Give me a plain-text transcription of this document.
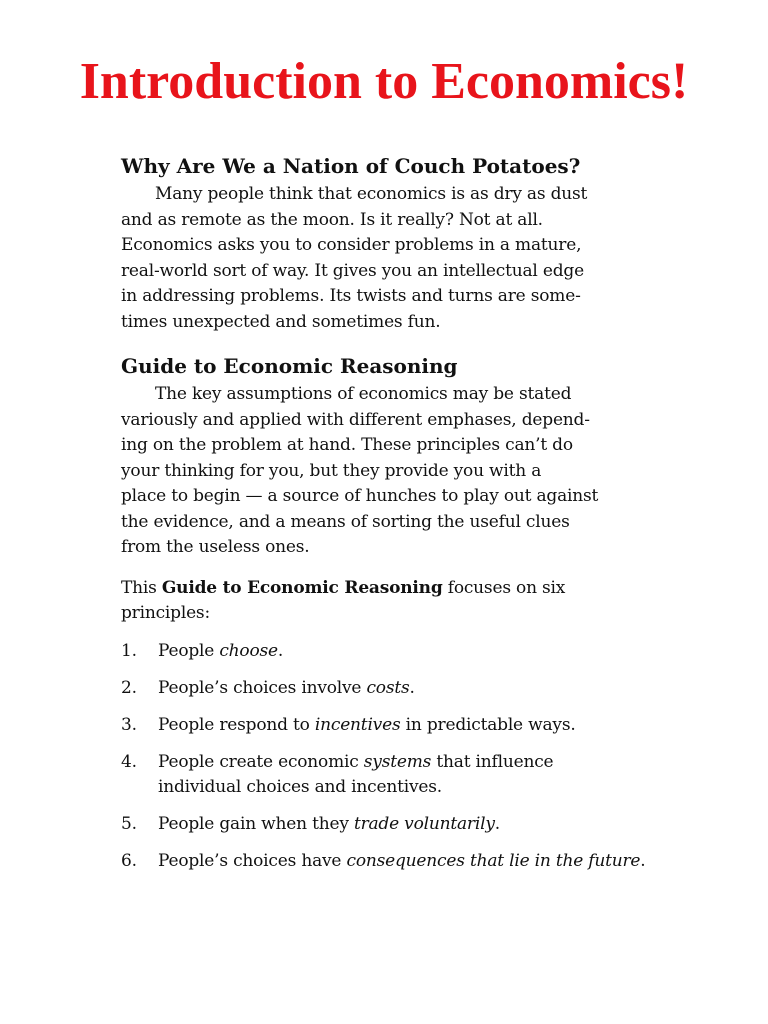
Introduction to Economics!
Why Are We a Nation of Couch Potatoes?

Many people think that economics is as dry as dust
and as remote as the moon. Is it really? Not at all.
Economics asks you to consider problems in a mature,
real-world sort of way. It gives you an intellectual edge
in addressing problems. Its twists and turns are some-
times unexpected and sometimes fun.

Guide to Economic Reasoning

The key assumptions of economics may be stated
variously and applied with different emphases, depend-
ing on the problem at hand. These principles can’t do
your thinking for you, but they provide you with a
place to begin — a source of hunches to play out against
the evidence, and a means of sorting the useful clues
from the useless ones.

This Guide to Economic Reasoning focuses on six
principles:

1. People choose.
2. People’s choices involve costs.
3. People respond to incentives in predictable ways.
4. People create economic systems that influence
individual choices and incentives.
5. People gain when they trade voluntarily.
6. People’s choices have consequences that lie in the future.
